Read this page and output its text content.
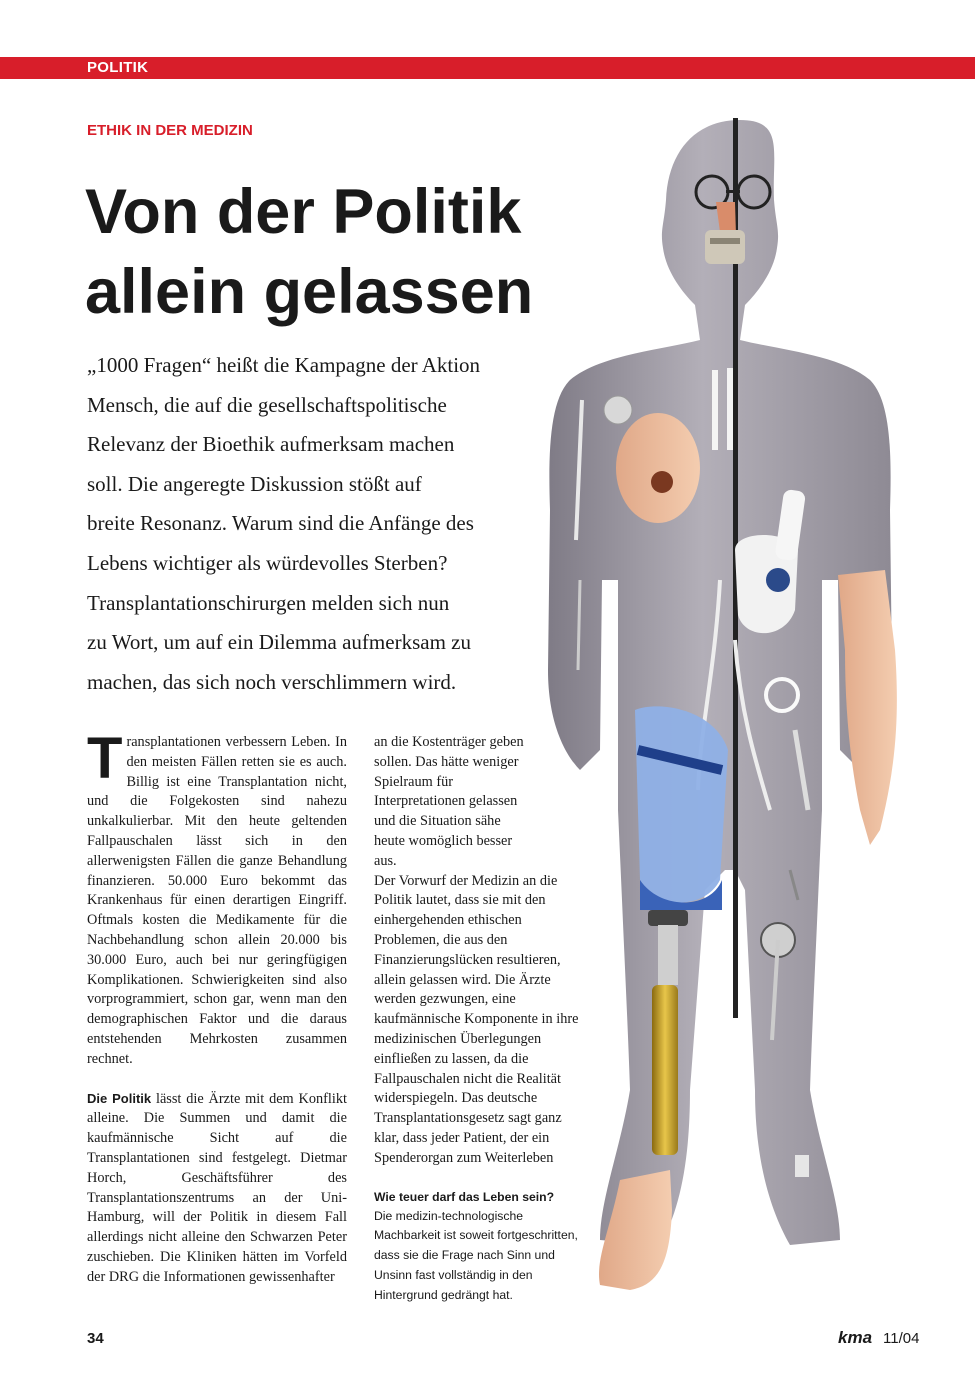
POLITIK
ETHIK IN DER MEDIZIN
Von der Politik
allein gelassen

„1000 Fragen“ heißt die Kampagne der Aktion
Mensch, die auf die gesellschaftspolitische
Relevanz der Bioethik aufmerksam machen
soll. Die angeregte Diskussion stößt auf
breite Resonanz. Warum sind die Anfänge des
Lebens wichtiger als würdevolles Sterben?
Transplantationschirurgen melden sich nun
zu Wort, um auf ein Dilemma aufmerksam zu
machen, das sich noch verschlimmern wird.

Transplantationen verbessern Leben. In den meisten Fällen retten sie es auch. Billig ist eine Transplantation nicht, und die Folgekosten sind nahezu unkalkulierbar. Mit den heute geltenden Fallpauschalen lässt sich in den allerwenigsten Fällen die ganze Behandlung finanzieren. 50.000 Euro bekommt das Krankenhaus für einen derartigen Eingriff. Oftmals kosten die Medikamente für die Nachbehandlung schon allein 20.000 bis 30.000 Euro, auch bei nur geringfügigen Komplikationen. Schwierigkeiten sind also vorprogrammiert, schon gar, wenn man den demographischen Faktor und die daraus entstehenden Mehrkosten zusammen rechnet.

Die Politik lässt die Ärzte mit dem Konflikt alleine. Die Summen und damit die kaufmännische Sicht auf die Transplantationen sind festgelegt. Dietmar Horch, Geschäftsführer des Transplantationszentrums an der Uni-Hamburg, will der Politik in diesem Fall allerdings nicht alleine den Schwarzen Peter zuschieben. Die Kliniken hätten im Vorfeld der DRG die Informationen gewissenhafter

an die Kostenträger geben sollen. Das hätte weniger Spielraum für Interpretationen gelassen und die Situation sähe heute womöglich besser aus.

Der Vorwurf der Medizin an die Politik lautet, dass sie mit den einhergehenden ethischen Problemen, die aus den Finanzierungslücken resultieren, allein gelassen wird. Die Ärzte werden gezwungen, eine kaufmännische Komponente in ihre medizinischen Überlegungen einfließen zu lassen, da die Fallpauschalen nicht die Realität widerspiegeln. Das deutsche Transplantationsgesetz sagt ganz klar, dass jeder Patient, der ein Spenderorgan zum Weiterleben

Wie teuer darf das Leben sein?

Die medizin-technologische Machbarkeit ist soweit fortgeschritten, dass sie die Frage nach Sinn und Unsinn fast vollständig in den Hintergrund gedrängt hat.

34	kma 11/04
